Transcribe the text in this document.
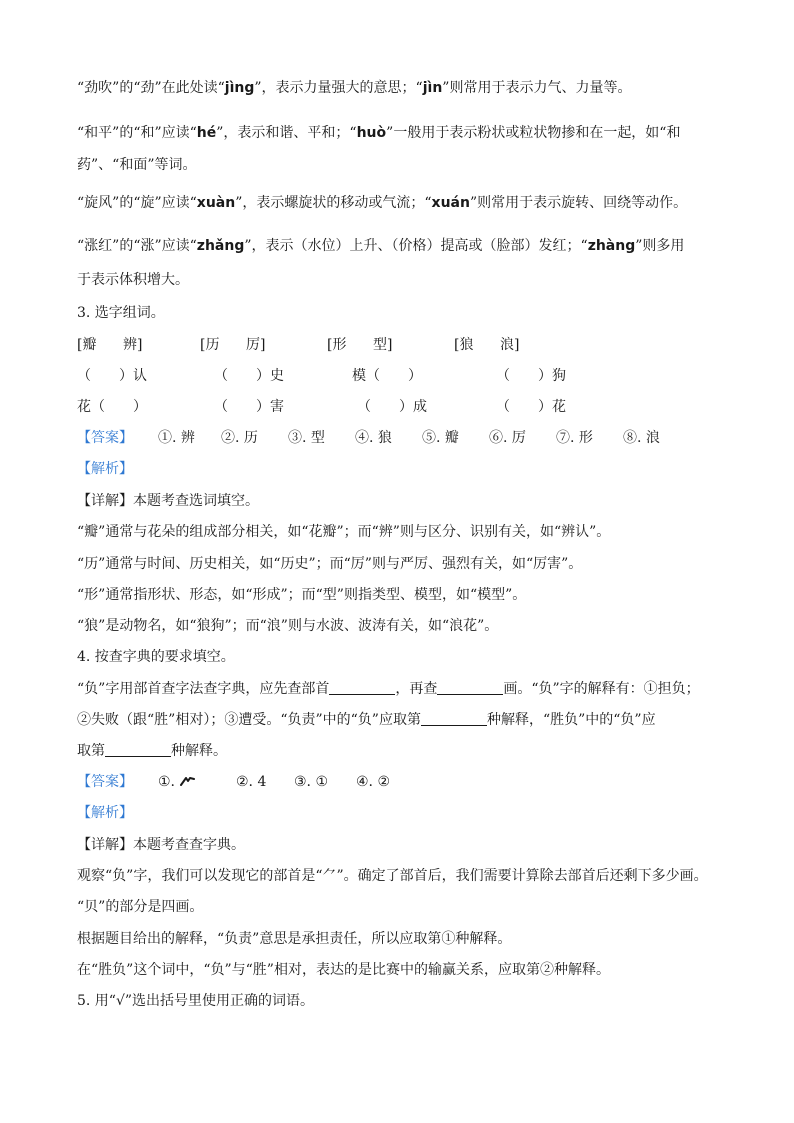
“劲吹”的“劲”在此处读“jìng”，表示力量强大的意思；“jìn”则常用于表示力气、力量等。
“和平”的“和”应读“hé”，表示和谐、平和；“huò”一般用于表示粉状或粒状物掺和在一起，如“和
药”、“和面”等词。
“旋风”的“旋”应读“xuàn”，表示螺旋状的移动或气流；“xuán”则常用于表示旋转、回绕等动作。
“涨红”的“涨”应读“zhǎng”，表示（水位）上升、（价格）提高或（脸部）发红；“zhàng”则多用
于表示体积增大。
3. 选字组词。
[瓣 辨]	[历 厉]	[形 型]	[狼 浪]
（　　）认	（　　）史	模（　　）	（　　）狗
花（　　）	（　　）害	（　　）成	（　　）花
【答案】 ①. 辨 ②. 历 ③. 型 ④. 狼 ⑤. 瓣 ⑥. 厉 ⑦. 形 ⑧. 浪
【解析】
【详解】本题考查选词填空。
“瓣”通常与花朵的组成部分相关，如“花瓣”；而“辨”则与区分、识别有关，如“辨认”。
“历”通常与时间、历史相关，如“历史”；而“厉”则与严厉、强烈有关，如“厉害”。
“形”通常指形状、形态，如“形成”；而“型”则指类型、模型，如“模型”。
“狼”是动物名，如“狼狗”；而“浪”则与水波、波涛有关，如“浪花”。
4. 按查字典的要求填空。
“负”字用部首查字法查字典，应先查部首	，再查	画。“负”字的解释有：①担负；
②失败（跟“胜”相对）；③遭受。“负责”中的“负”应取第	种解释，“胜负”中的“负”应
取第	种解释。
【答案】 ①.	②. 4 ③. ① ④. ②
【解析】
【详解】本题考查查字典。
观察“负”字，我们可以发现它的部首是“⺈”。确定了部首后，我们需要计算除去部首后还剩下多少画。
“贝”的部分是四画。
根据题目给出的解释，“负责”意思是承担责任，所以应取第①种解释。
在“胜负”这个词中，“负”与“胜”相对，表达的是比赛中的输赢关系，应取第②种解释。
5. 用“√”选出括号里使用正确的词语。
